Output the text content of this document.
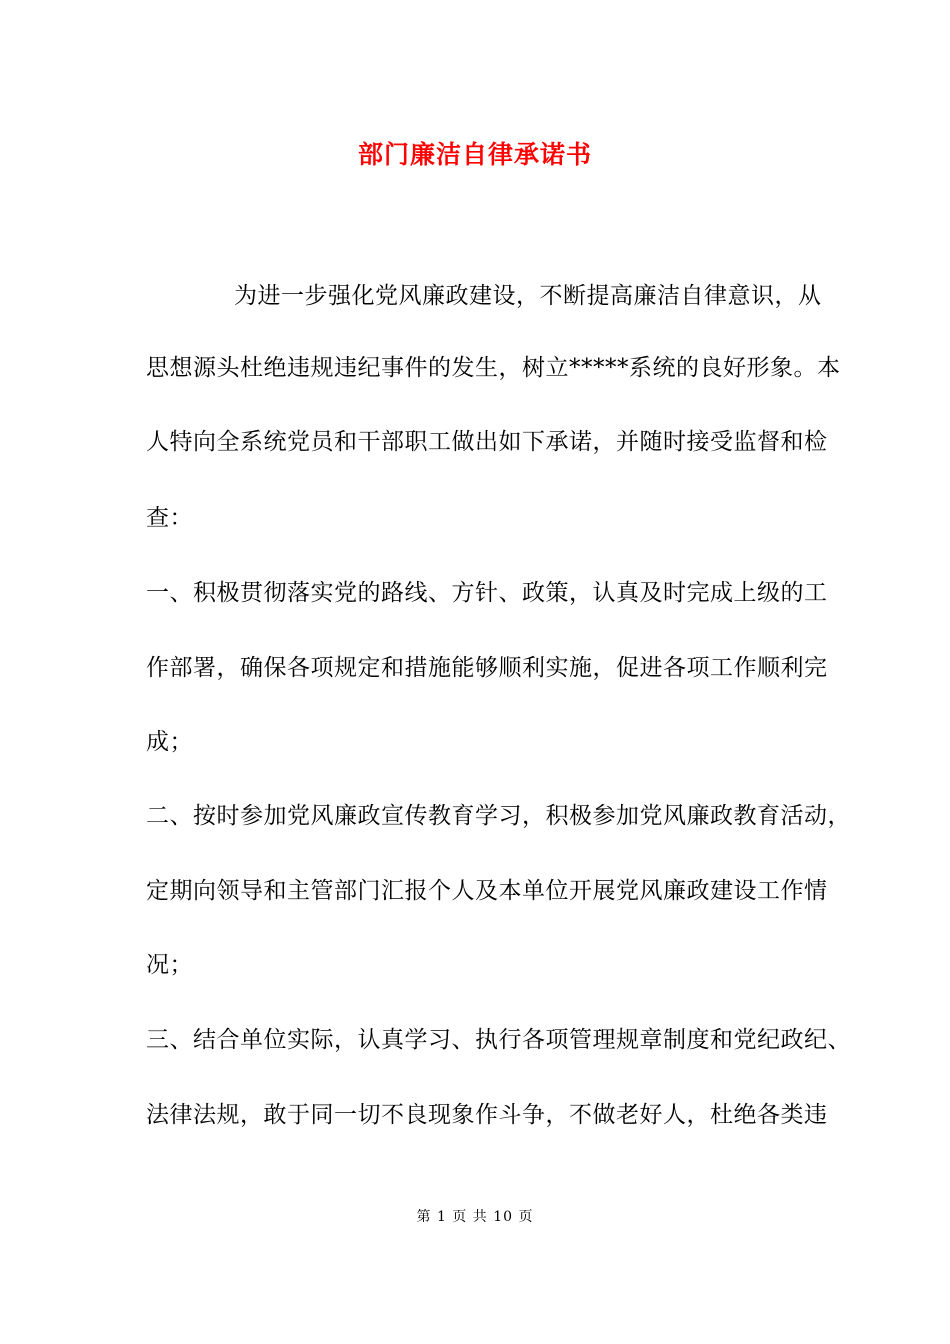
部门廉洁自律承诺书
为进一步强化党风廉政建设，不断提高廉洁自律意识，从
思想源头杜绝违规违纪事件的发生，树立*****系统的良好形象。本
人特向全系统党员和干部职工做出如下承诺，并随时接受监督和检
查：
一、积极贯彻落实党的路线、方针、政策，认真及时完成上级的工
作部署，确保各项规定和措施能够顺利实施，促进各项工作顺利完
成；
二、按时参加党风廉政宣传教育学习，积极参加党风廉政教育活动，
定期向领导和主管部门汇报个人及本单位开展党风廉政建设工作情
况；
三、结合单位实际，认真学习、执行各项管理规章制度和党纪政纪、
法律法规，敢于同一切不良现象作斗争，不做老好人，杜绝各类违
第 1 页 共 10 页
